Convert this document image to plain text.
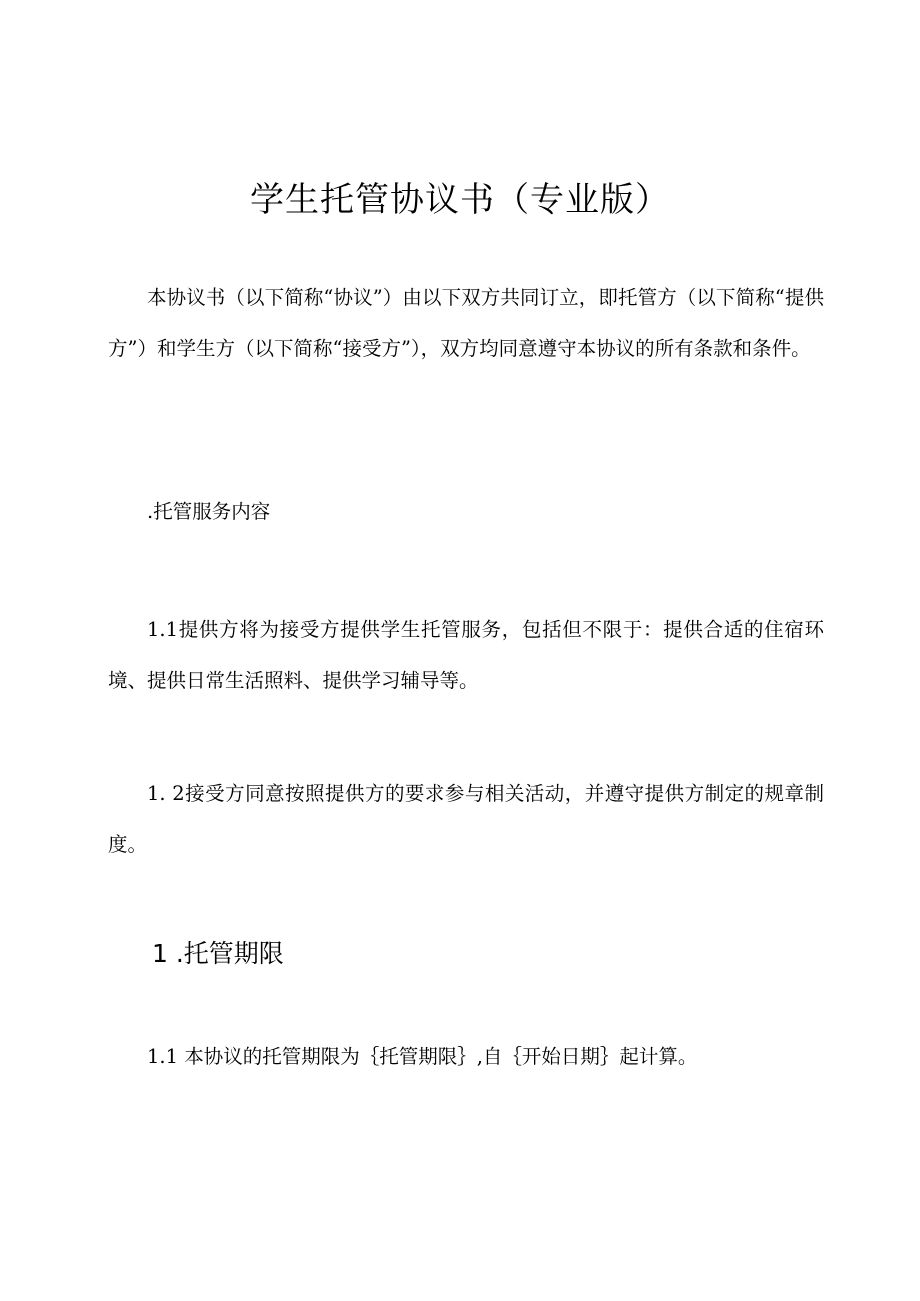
学生托管协议书（专业版）

本协议书（以下简称“协议”）由以下双方共同订立，即托管方（以下简称“提供方”）和学生方（以下简称“接受方”），双方均同意遵守本协议的所有条款和条件。

.托管服务内容

1.1提供方将为接受方提供学生托管服务，包括但不限于：提供合适的住宿环境、提供日常生活照料、提供学习辅导等。

1. 2接受方同意按照提供方的要求参与相关活动，并遵守提供方制定的规章制度。

1 .托管期限

1.1 本协议的托管期限为｛托管期限｝,自｛开始日期｝起计算。
